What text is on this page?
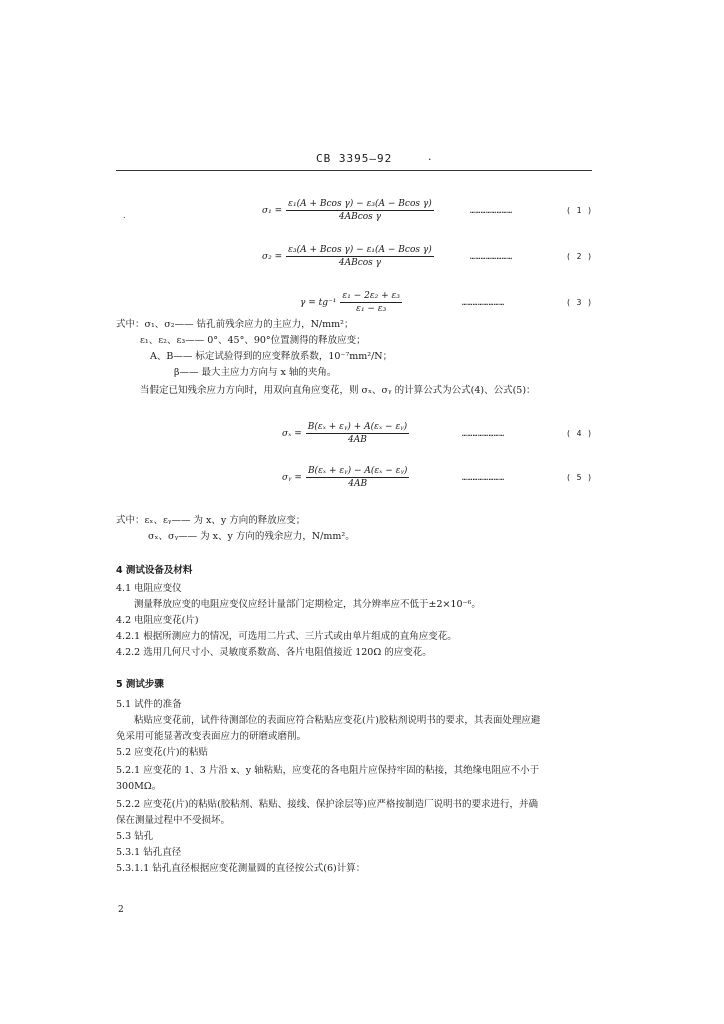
CB 3395—92	.
.	$\sigma_1 = \frac{\text{ε₁(A + Bcos γ) − ε₃(A − Bcos γ)}}{\text{4ABcos γ}}$	……………………	( 1 )
$\sigma_2 = \frac{\text{ε₃(A + Bcos γ) − ε₁(A − Bcos γ)}}{\text{4ABcos γ}}$	……………………	( 2 )
$\gamma = tg^{-1} \frac{\text{ε₁ − 2ε₂ + ε₃}}{\text{ε₁ − ε₃}}$	……………………	( 3 )
式中：σ₁、σ₂—— 钻孔前残余应力的主应力，N/mm²；
ε₁、ε₂、ε₃—— 0°、45°、90°位置测得的释放应变；
A、B—— 标定试验得到的应变释放系数，10⁻⁷mm²/N；
β—— 最大主应力方向与 x 轴的夹角。
当假定已知残余应力方向时，用双向直角应变花，则 σₓ、σᵧ 的计算公式为公式(4)、公式(5)：
$\sigma_x = \frac{\text{B(εₓ + εᵧ) + A(εₓ − εᵧ)}}{4AB}$	……………………	( 4 )
σᵧ = $\frac{\text{B(εₓ + εᵧ) − A(εₓ − εᵧ)}}{4AB}$	……………………	( 5 )
式中：εₓ、εᵧ—— 为 x、y 方向的释放应变；
σₓ、σᵧ—— 为 x、y 方向的残余应力，N/mm²。
4 测试设备及材料
4.1 电阻应变仪
测量释放应变的电阻应变仪应经计量部门定期检定，其分辨率应不低于±2×10⁻⁶。
4.2 电阻应变花(片)
4.2.1 根据所测应力的情况，可选用二片式、三片式或由单片组成的直角应变花。
4.2.2 选用几何尺寸小、灵敏度系数高、各片电阻值接近 120Ω 的应变花。
5 测试步骤
5.1 试件的准备
粘贴应变花前，试件待测部位的表面应符合粘贴应变花(片)胶粘剂说明书的要求，其表面处理应避
免采用可能显著改变表面应力的研磨或磨削。
5.2 应变花(片)的粘贴
5.2.1 应变花的 1、3 片沿 x、y 轴粘贴，应变花的各电阻片应保持牢固的粘接，其绝缘电阻应不小于
300MΩ。
5.2.2 应变花(片)的粘贴(胶粘剂、粘贴、接线、保护涂层等)应严格按制造厂说明书的要求进行，并确
保在测量过程中不受损坏。
5.3 钻孔
5.3.1 钻孔直径
5.3.1.1 钻孔直径根据应变花测量圆的直径按公式(6)计算：
2
